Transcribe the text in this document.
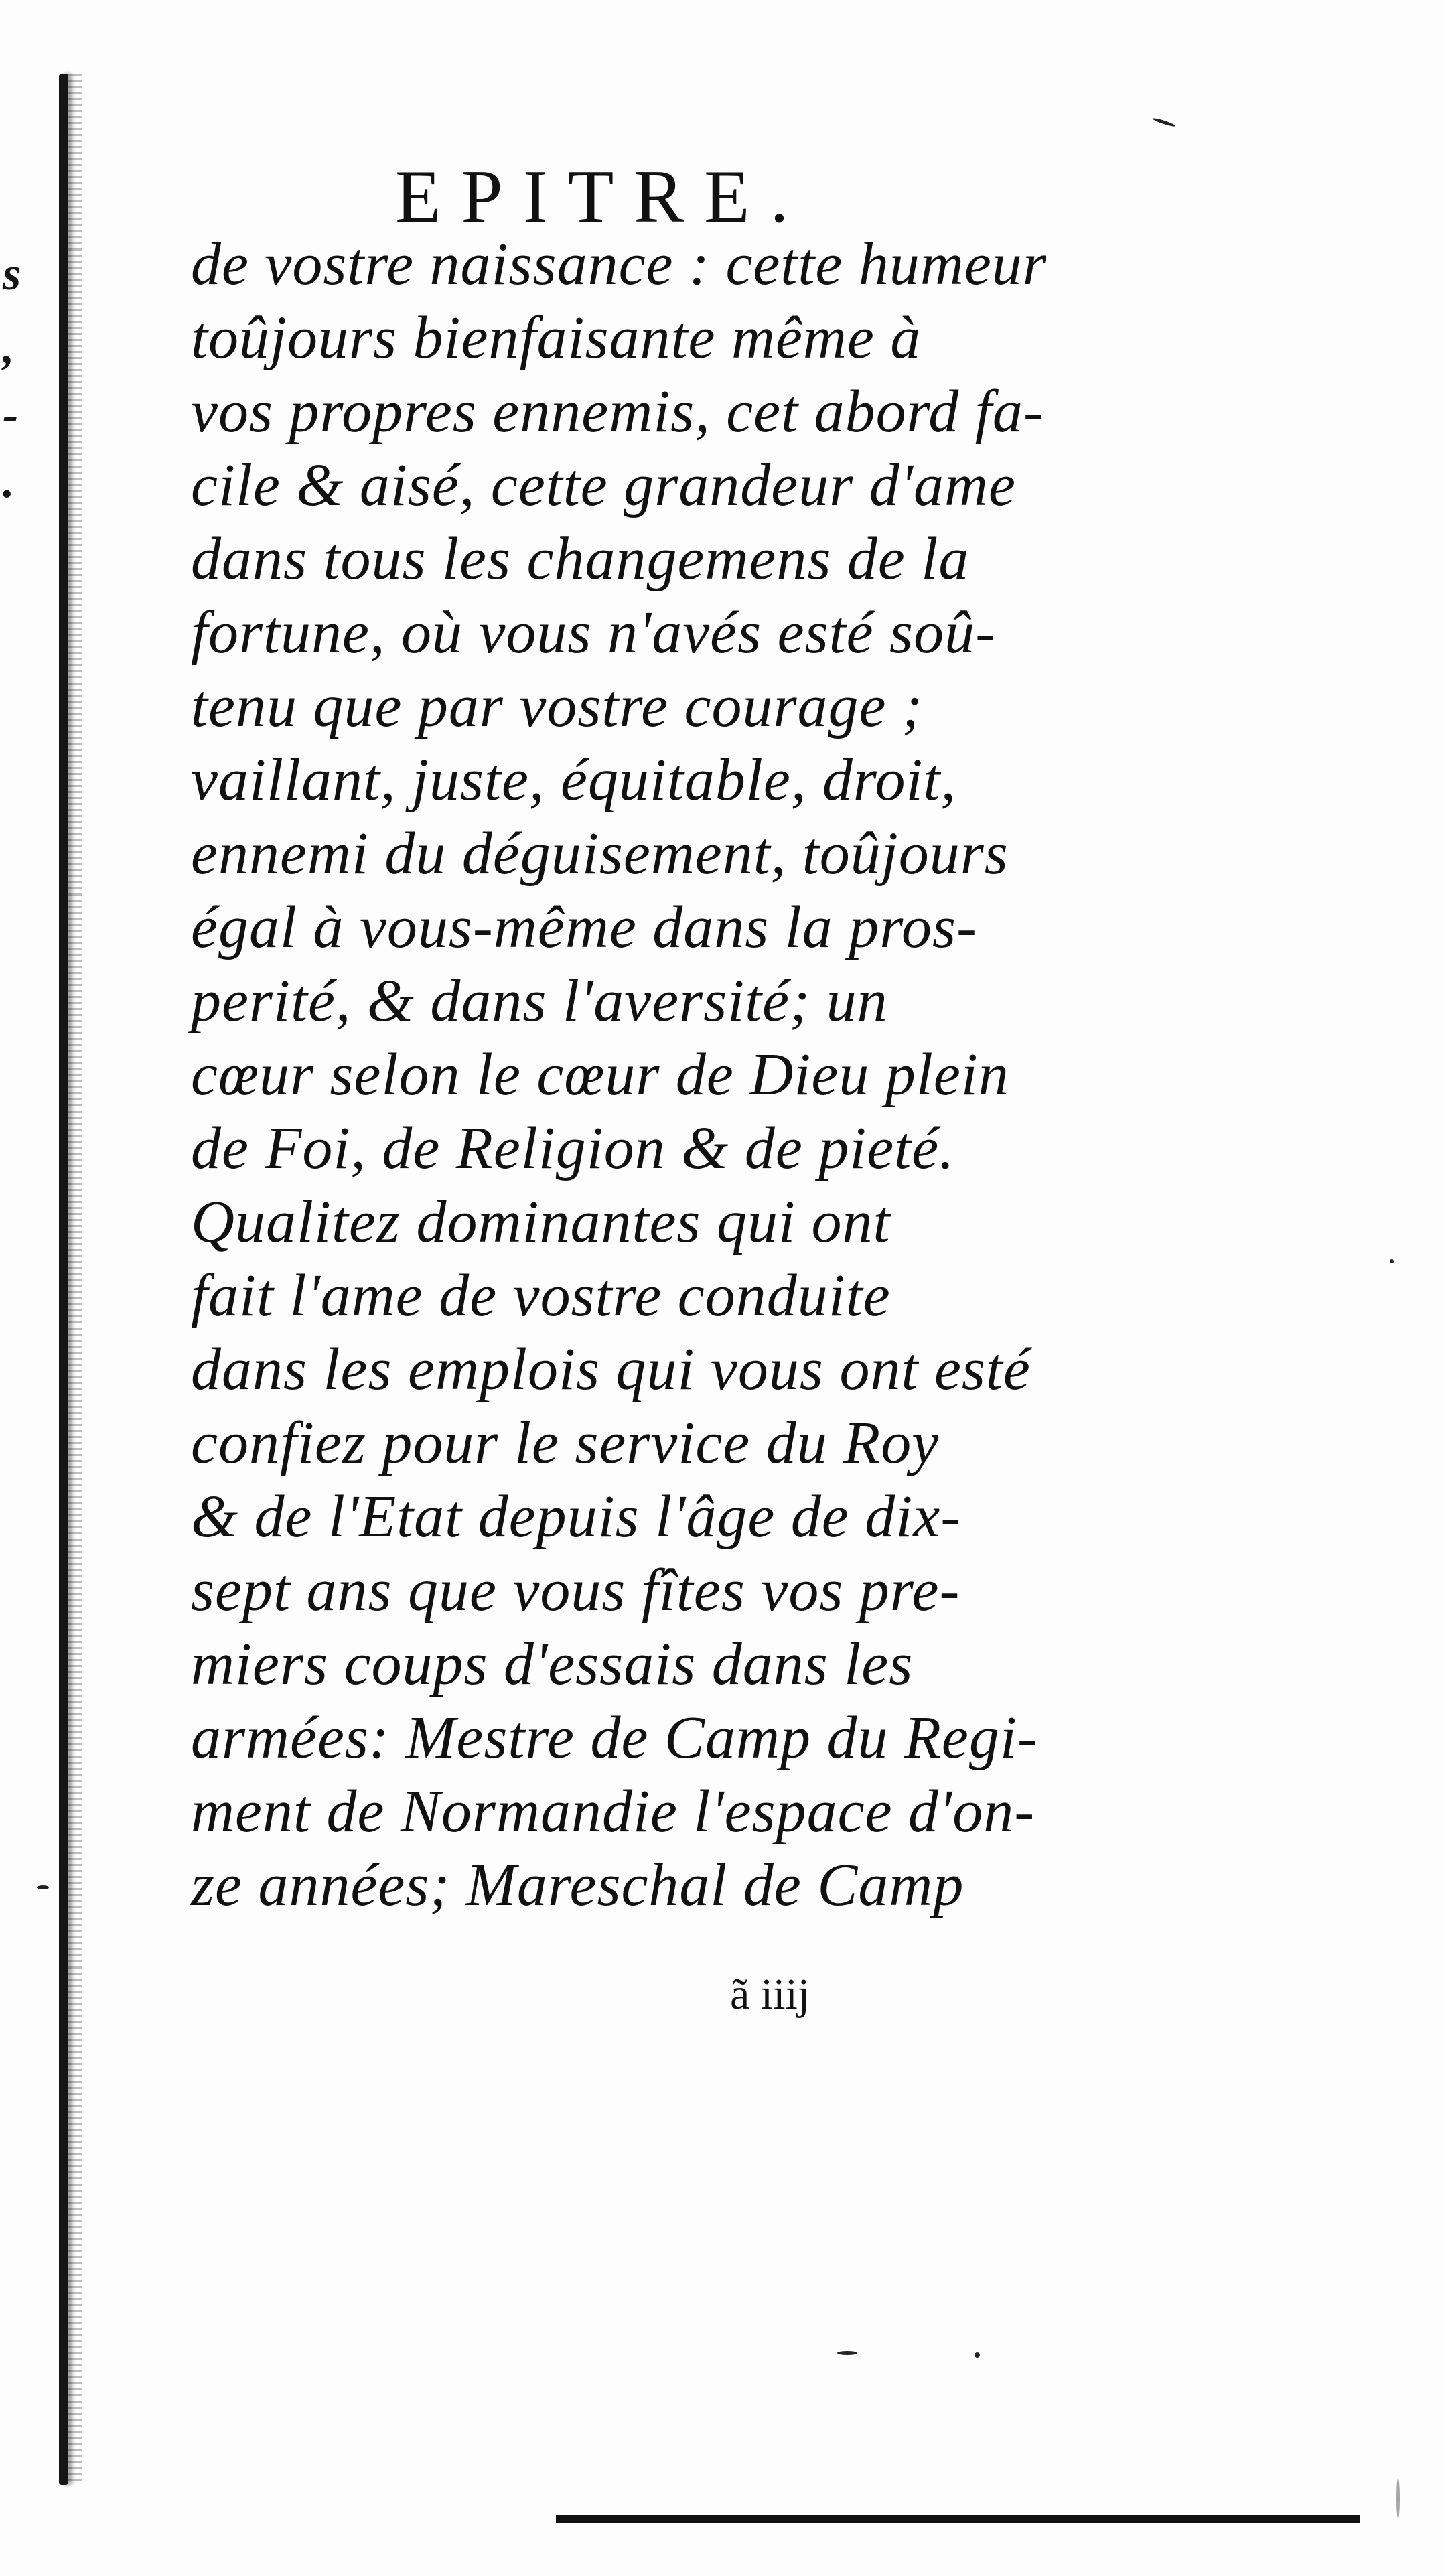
s
,
-
.
EPITRE.
de vostre naissance : cette humeur
toûjours bienfaisante même à
vos propres ennemis, cet abord fa-
cile & aisé, cette grandeur d'ame
dans tous les changemens de la
fortune, où vous n'avés esté soû-
tenu que par vostre courage ;
vaillant, juste, équitable, droit,
ennemi du déguisement, toûjours
égal à vous-même dans la pros-
perité, & dans l'aversité; un
cœur selon le cœur de Dieu plein
de Foi, de Religion & de pieté.
Qualitez dominantes qui ont
fait l'ame de vostre conduite
dans les emplois qui vous ont esté
confiez pour le service du Roy
& de l'Etat depuis l'âge de dix-
sept ans que vous fîtes vos pre-
miers coups d'essais dans les
armées: Mestre de Camp du Regi-
ment de Normandie l'espace d'on-
ze années; Mareschal de Camp
ã iiij
